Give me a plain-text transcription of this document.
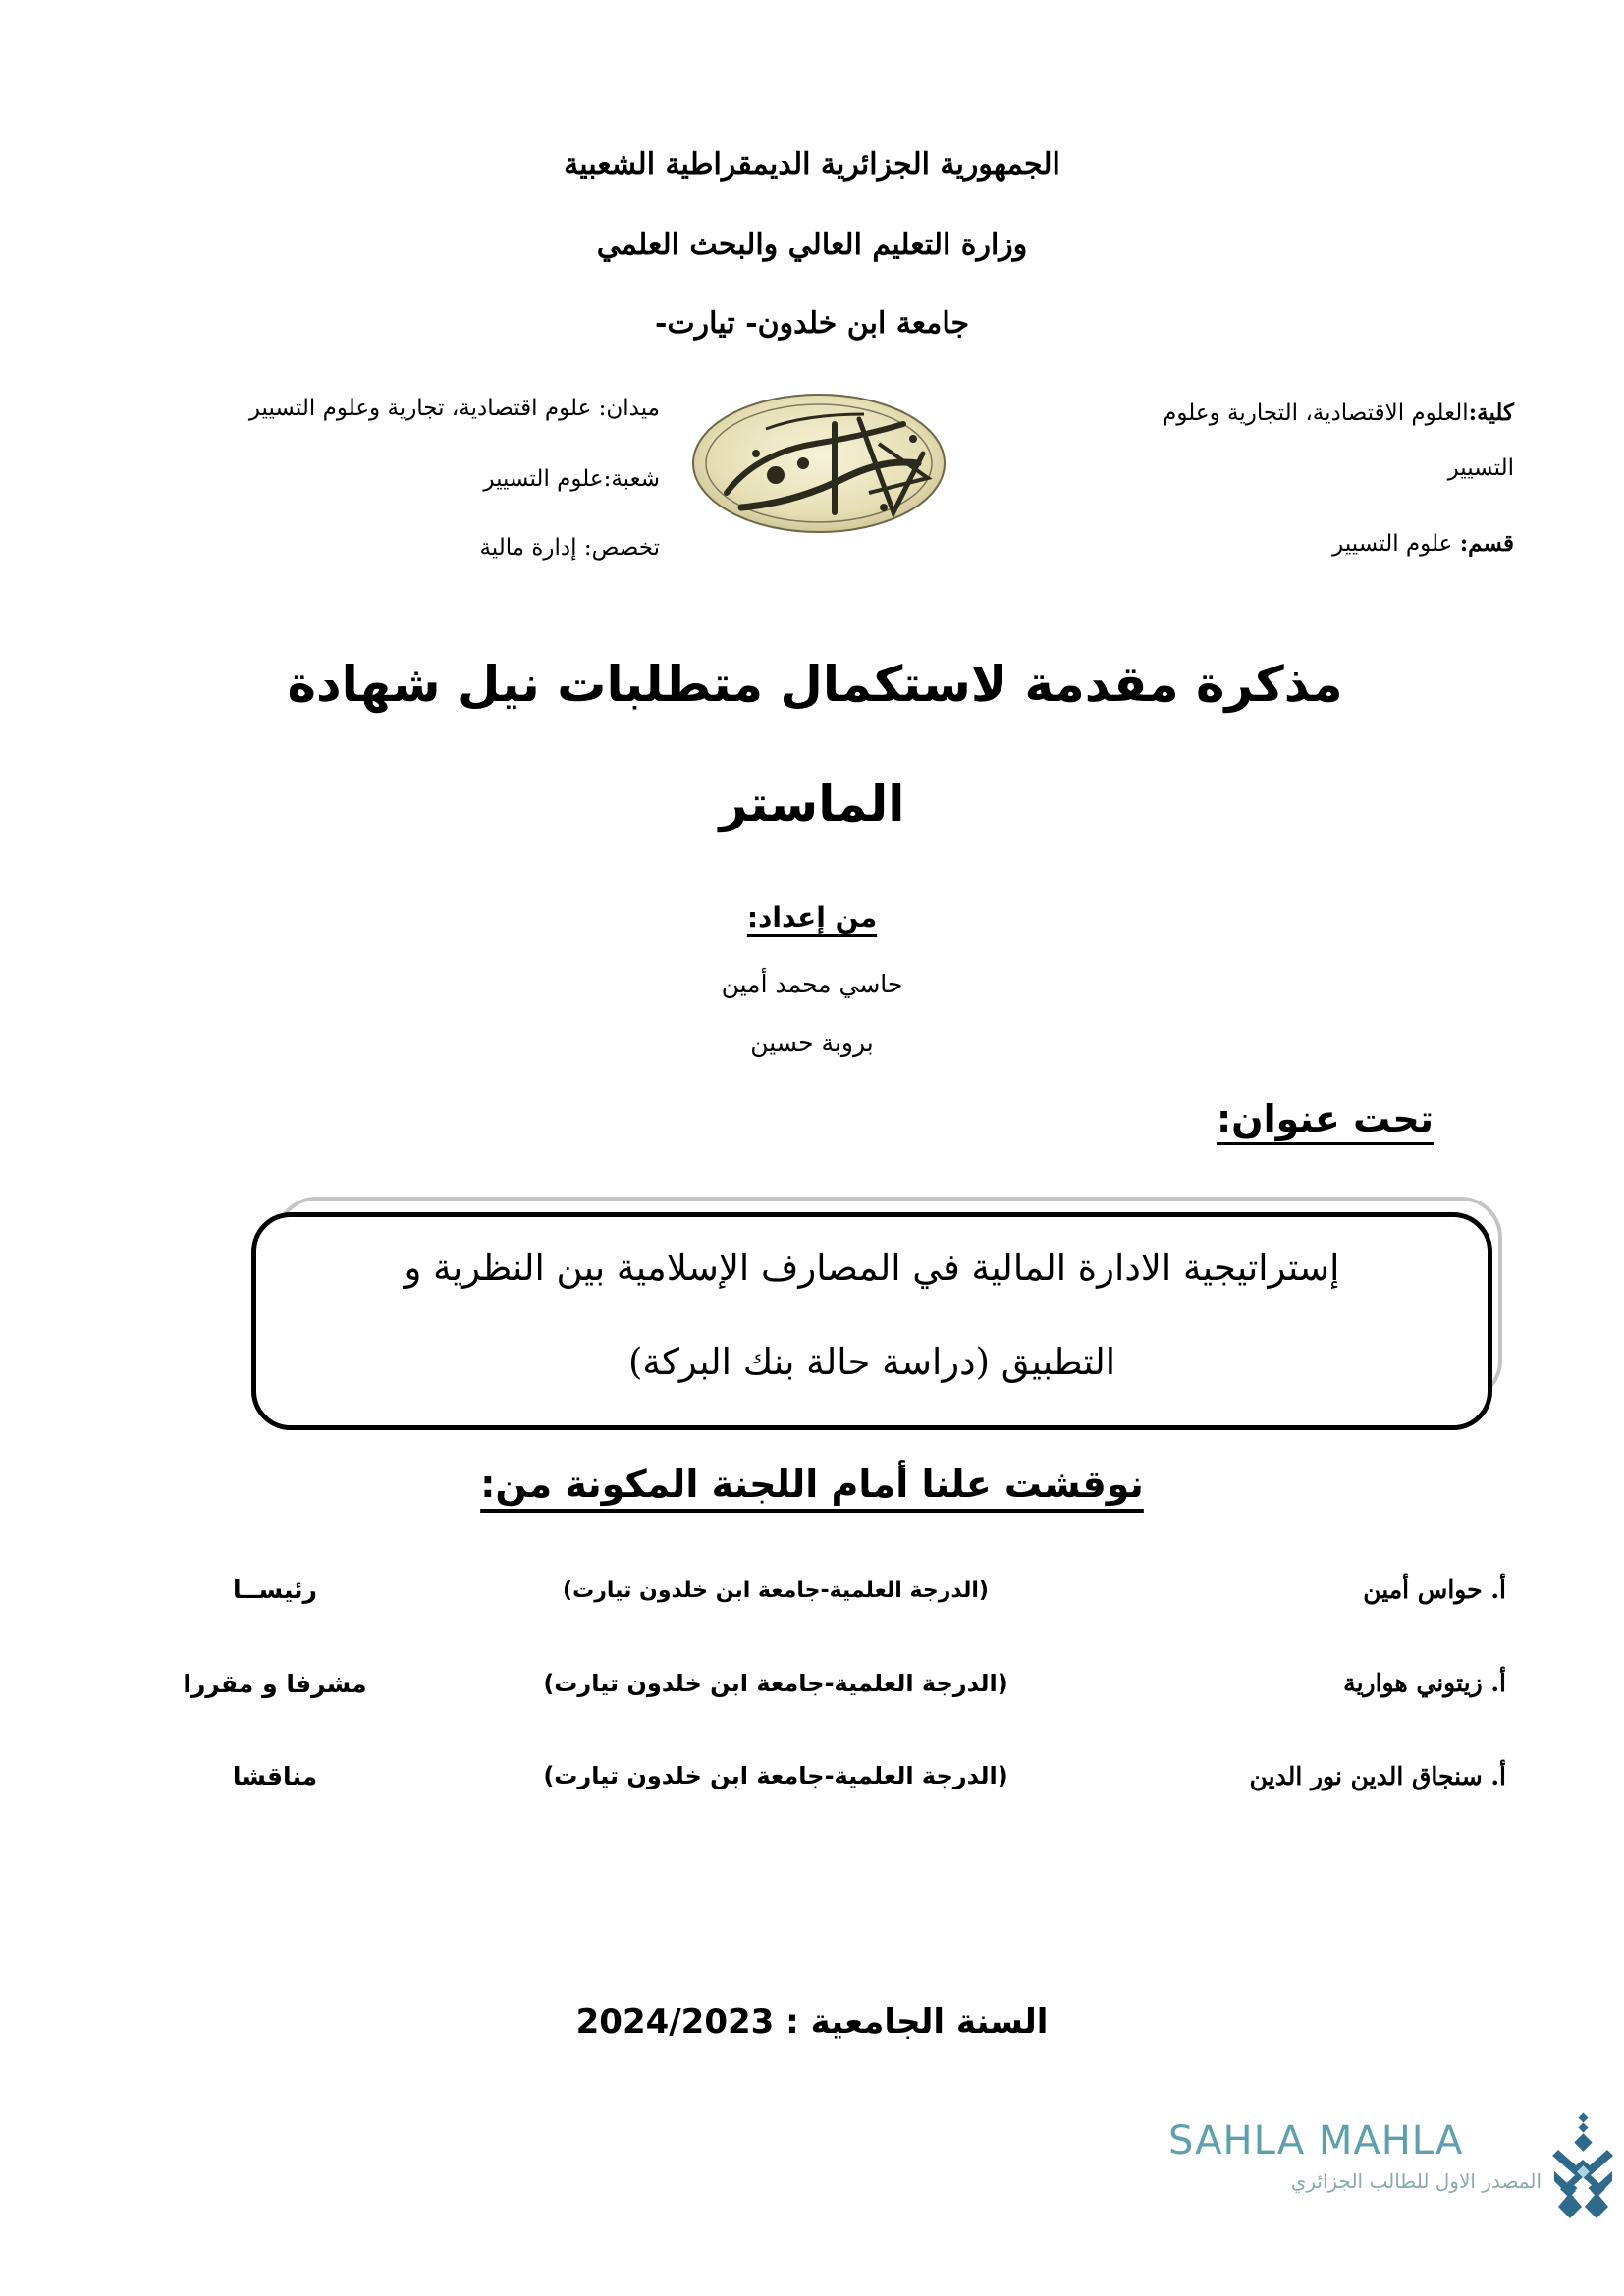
الجمهورية الجزائرية الديمقراطية الشعبية
وزارة التعليم العالي والبحث العلمي
جامعة ابن خلدون- تيارت-
كلية:العلوم الاقتصادية، التجارية وعلوم
التسيير
قسم: علوم التسيير
ميدان: علوم اقتصادية، تجارية وعلوم التسيير
شعبة:علوم التسيير
تخصص: إدارة مالية
مذكرة مقدمة لاستكمال متطلبات نيل شهادة
الماستر
من إعداد:
حاسي محمد أمين
بروبة حسين
تحت عنوان:
إستراتيجية الادارة المالية في المصارف الإسلامية بين النظرية و
التطبيق (دراسة حالة بنك البركة)
نوقشت علنا أمام اللجنة المكونة من:
أ. حواس أمين
(الدرجة العلمية-جامعة ابن خلدون تيارت)
رئيســا
أ. زيتوني هوارية
(الدرجة العلمية-جامعة ابن خلدون تيارت)
مشرفا و مقررا
أ. سنجاق الدين نور الدين
(الدرجة العلمية-جامعة ابن خلدون تيارت)
مناقشا
السنة الجامعية : 2024/2023
SAHLA MAHLA
المصدر الاول للطالب الجزائري
